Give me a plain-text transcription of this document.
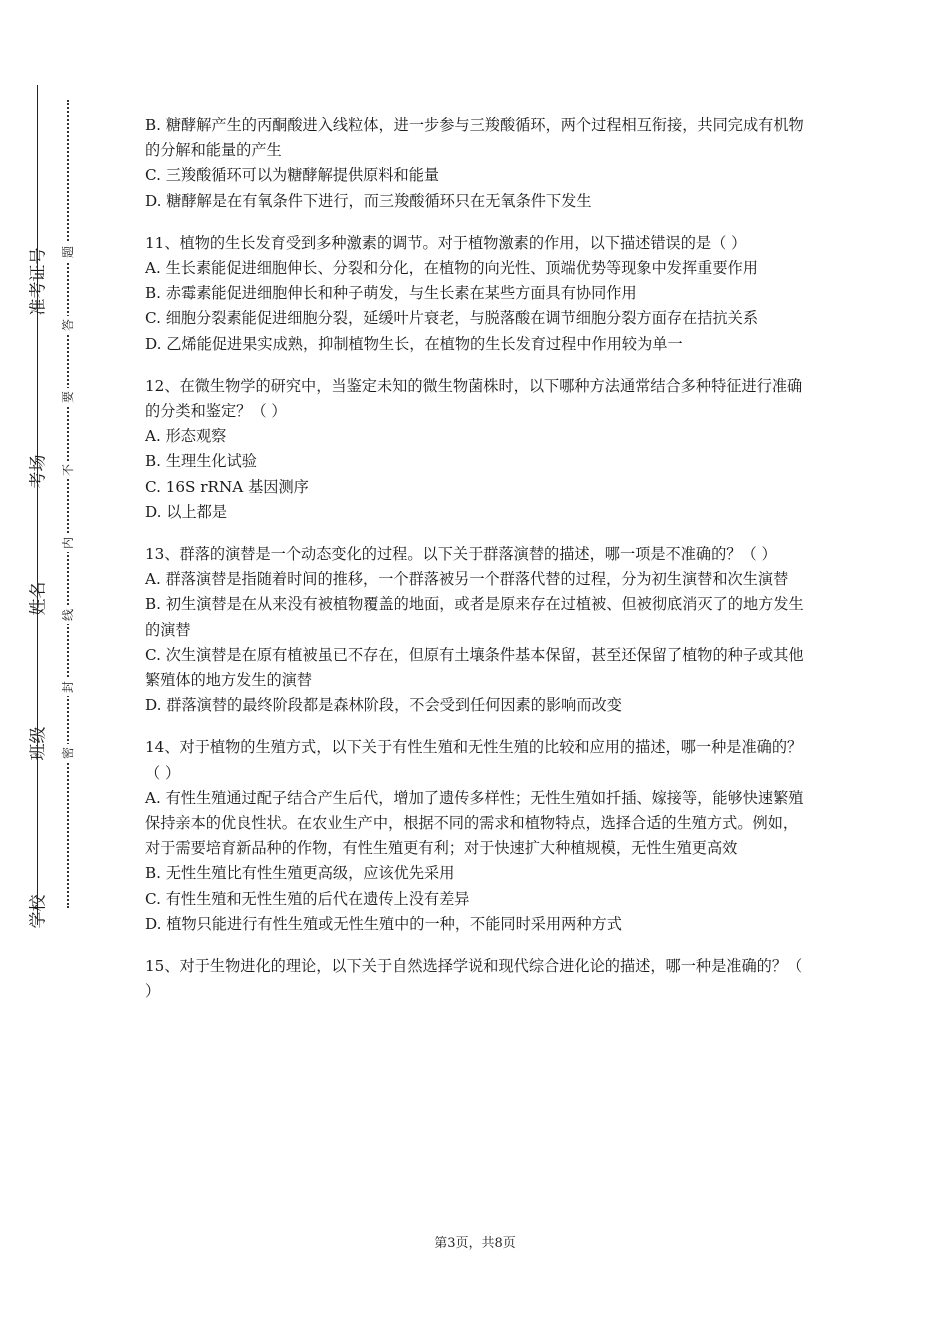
准考证号
考场
姓名
班级
学校
题
答
要
不
内
线
封
密

B. 糖酵解产生的丙酮酸进入线粒体，进一步参与三羧酸循环，两个过程相互衔接，共同完成有机物的分解和能量的产生

C. 三羧酸循环可以为糖酵解提供原料和能量

D. 糖酵解是在有氧条件下进行，而三羧酸循环只在无氧条件下发生

11、植物的生长发育受到多种激素的调节。对于植物激素的作用，以下描述错误的是（ ）

A. 生长素能促进细胞伸长、分裂和分化，在植物的向光性、顶端优势等现象中发挥重要作用

B. 赤霉素能促进细胞伸长和种子萌发，与生长素在某些方面具有协同作用

C. 细胞分裂素能促进细胞分裂，延缓叶片衰老，与脱落酸在调节细胞分裂方面存在拮抗关系

D. 乙烯能促进果实成熟，抑制植物生长，在植物的生长发育过程中作用较为单一

12、在微生物学的研究中，当鉴定未知的微生物菌株时，以下哪种方法通常结合多种特征进行准确的分类和鉴定？（ ）

A. 形态观察

B. 生理生化试验

C. 16S rRNA 基因测序

D. 以上都是

13、群落的演替是一个动态变化的过程。以下关于群落演替的描述，哪一项是不准确的？（ ）

A. 群落演替是指随着时间的推移，一个群落被另一个群落代替的过程，分为初生演替和次生演替

B. 初生演替是在从来没有被植物覆盖的地面，或者是原来存在过植被、但被彻底消灭了的地方发生的演替

C. 次生演替是在原有植被虽已不存在，但原有土壤条件基本保留，甚至还保留了植物的种子或其他繁殖体的地方发生的演替

D. 群落演替的最终阶段都是森林阶段，不会受到任何因素的影响而改变

14、对于植物的生殖方式，以下关于有性生殖和无性生殖的比较和应用的描述，哪一种是准确的？（ ）

A. 有性生殖通过配子结合产生后代，增加了遗传多样性；无性生殖如扦插、嫁接等，能够快速繁殖保持亲本的优良性状。在农业生产中，根据不同的需求和植物特点，选择合适的生殖方式。例如，对于需要培育新品种的作物，有性生殖更有利；对于快速扩大种植规模，无性生殖更高效

B. 无性生殖比有性生殖更高级，应该优先采用

C. 有性生殖和无性生殖的后代在遗传上没有差异

D. 植物只能进行有性生殖或无性生殖中的一种，不能同时采用两种方式

15、对于生物进化的理论，以下关于自然选择学说和现代综合进化论的描述，哪一种是准确的？（ ）

第3页，共8页
